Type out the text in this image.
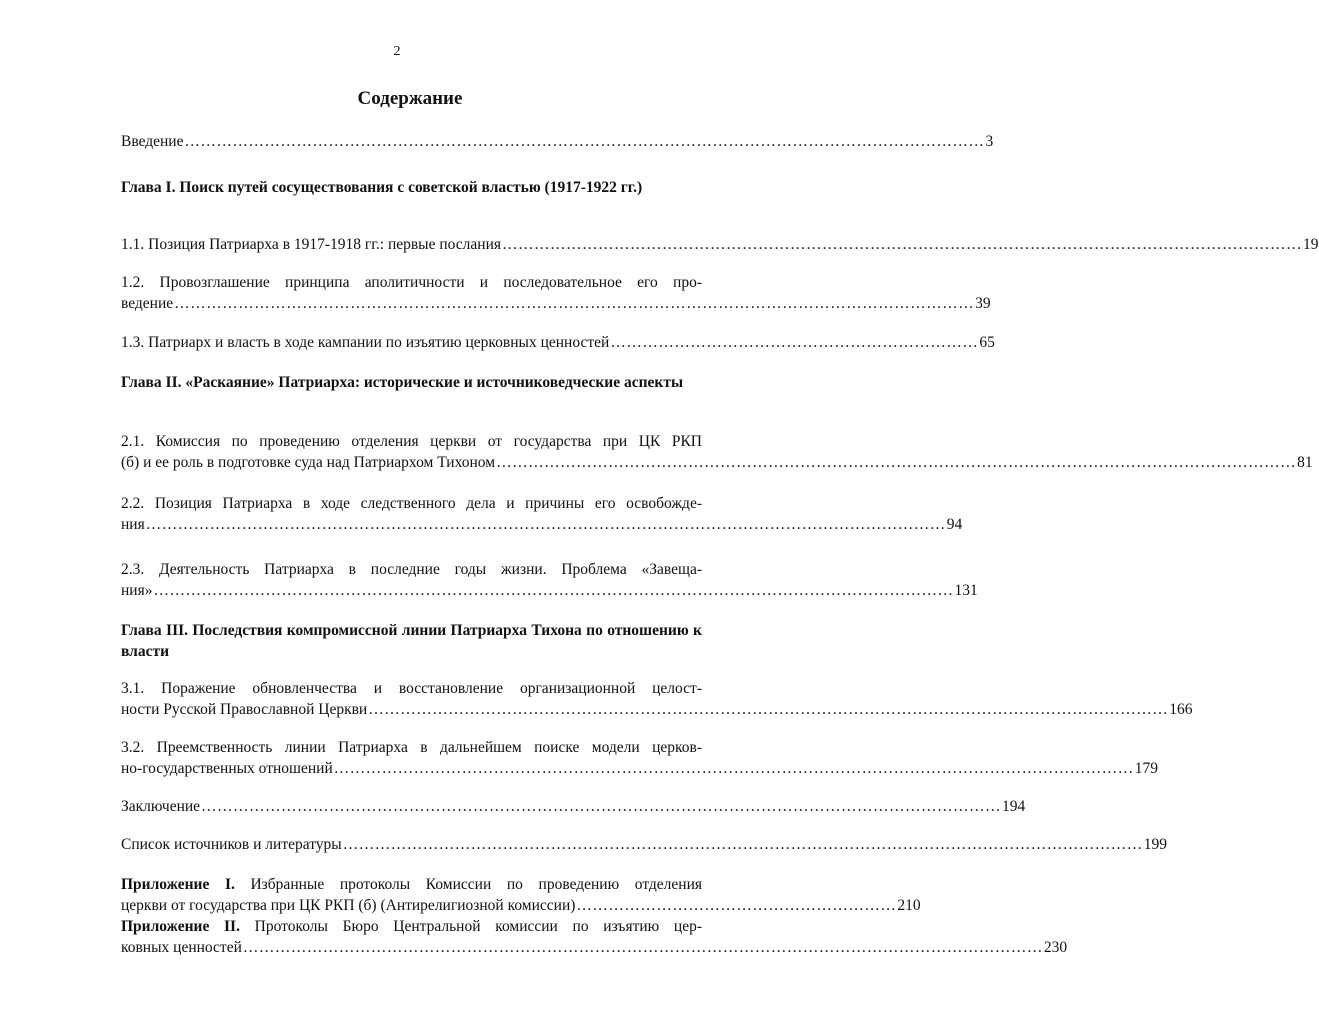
2
Содержание
Введение …………………………………………………………………………………………………………………………………… 3
Глава I. Поиск путей сосуществования с советской властью (1917-1922 гг.)
1.1. Позиция Патриарха в 1917-1918 гг.: первые послания …………………………………………………………………………………………………………………………………… 19
1.2. Провозглашение принципа аполитичности и последовательное его про-
ведение …………………………………………………………………………………………………………………………………… 39
1.3. Патриарх и власть в ходе кампании по изъятию церковных ценностей …………………………………………………………… 65
Глава II. «Раскаяние» Патриарха: исторические и источниковедческие аспекты
2.1. Комиссия по проведению отделения церкви от государства при ЦК РКП
(б) и ее роль в подготовке суда над Патриархом Тихоном …………………………………………………………………………………………………………………………………… 81
2.2. Позиция Патриарха в ходе следственного дела и причины его освобожде-
ния …………………………………………………………………………………………………………………………………… 94
2.3. Деятельность Патриарха в последние годы жизни. Проблема «Завеща-
ния» …………………………………………………………………………………………………………………………………… 131
Глава III. Последствия компромиссной линии Патриарха Тихона по отношению к власти
3.1. Поражение обновленчества и восстановление организационной целост-
ности Русской Православной Церкви …………………………………………………………………………………………………………………………………… 166
3.2. Преемственность линии Патриарха в дальнейшем поиске модели церков-
но-государственных отношений …………………………………………………………………………………………………………………………………… 179
Заключение …………………………………………………………………………………………………………………………………… 194
Список источников и литературы …………………………………………………………………………………………………………………………………… 199
Приложение I. Избранные протоколы Комиссии по проведению отделения
церкви от государства при ЦК РКП (б) (Антирелигиозной комиссии) …………………………………………………… 210
Приложение II. Протоколы Бюро Центральной комиссии по изъятию цер-
ковных ценностей …………………………………………………………………………………………………………………………………… 230
